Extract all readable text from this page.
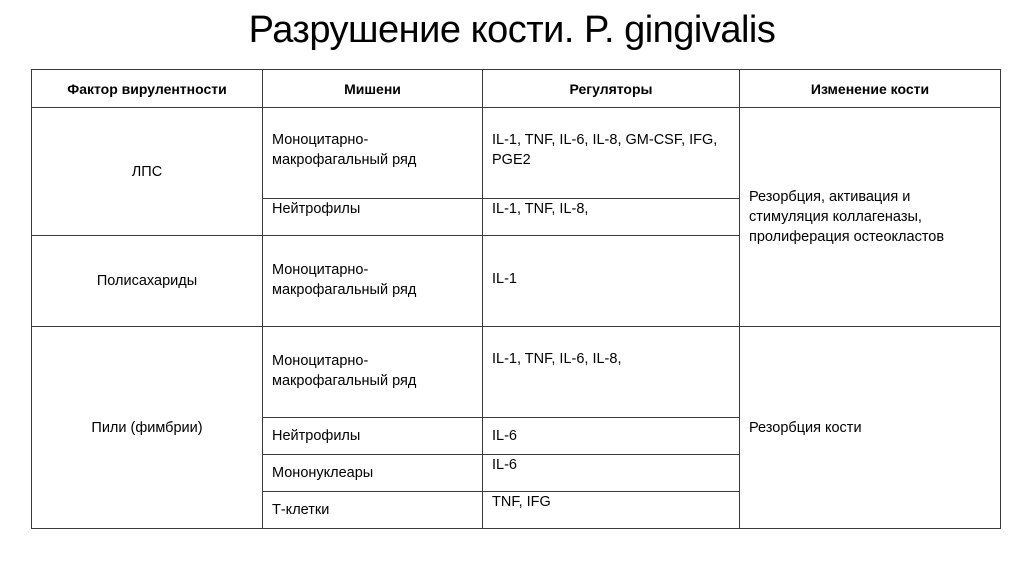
Разрушение кости. P. gingivalis
Фактор вирулентности	Мишени	Регуляторы	Изменение кости
ЛПС	Моноцитарно-макрофагальный ряд	IL-1, TNF, IL-6, IL-8, GM-CSF, IFG, PGE2	Резорбция, активация и стимуляция коллагеназы, пролиферация остеокластов
	Нейтрофилы	IL-1, TNF, IL-8,	
Полисахариды	Моноцитарно-макрофагальный ряд	IL-1	
Пили (фимбрии)	Моноцитарно-макрофагальный ряд	IL-1, TNF, IL-6, IL-8,	Резорбция кости
	Нейтрофилы	IL-6	
	Мононуклеары	IL-6	
	Т-клетки	TNF, IFG	
